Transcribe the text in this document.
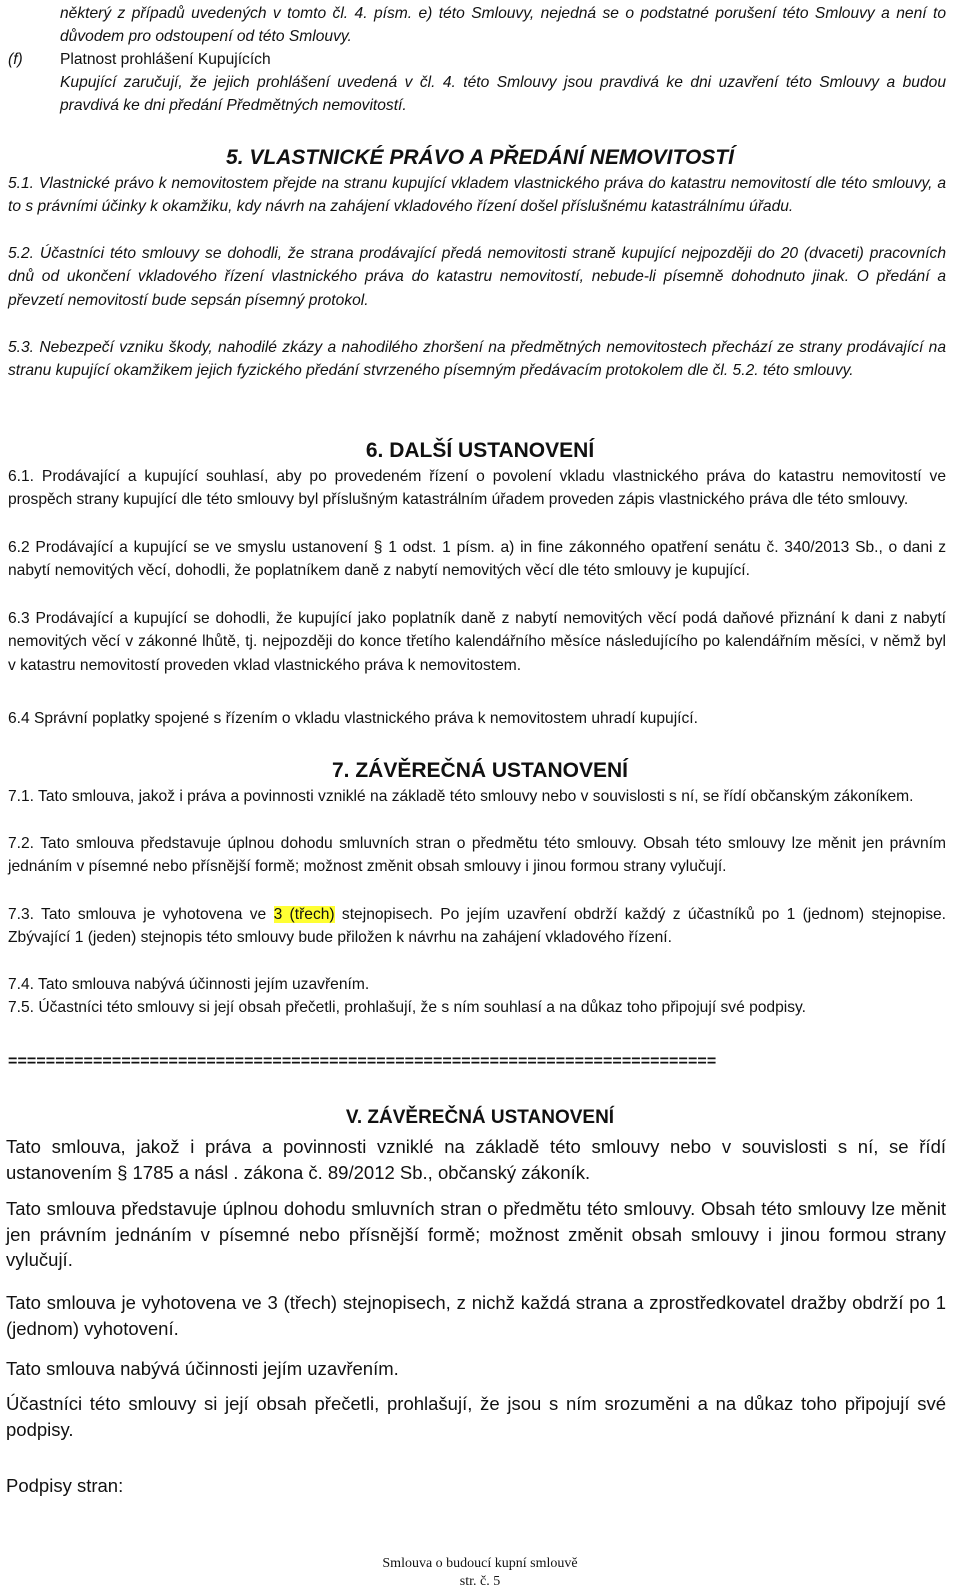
některý z případů uvedených v tomto čl. 4. písm. e) této Smlouvy, nejedná se o podstatné porušení této Smlouvy a není to důvodem pro odstoupení od této Smlouvy.
(f) Platnost prohlášení Kupujících
Kupující zaručují, že jejich prohlášení uvedená v čl. 4. této Smlouvy jsou pravdivá ke dni uzavření této Smlouvy a budou pravdivá ke dni předání Předmětných nemovitostí.
5. VLASTNICKÉ PRÁVO A PŘEDÁNÍ NEMOVITOSTÍ
5.1. Vlastnické právo k nemovitostem přejde na stranu kupující vkladem vlastnického práva do katastru nemovitostí dle této smlouvy, a to s právními účinky k okamžiku, kdy návrh na zahájení vkladového řízení došel příslušnému katastrálnímu úřadu.
5.2. Účastníci této smlouvy se dohodli, že strana prodávající předá nemovitosti straně kupující nejpozději do 20 (dvaceti) pracovních dnů od ukončení vkladového řízení vlastnického práva do katastru nemovitostí, nebude-li písemně dohodnuto jinak. O předání a převzetí nemovitostí bude sepsán písemný protokol.
5.3. Nebezpečí vzniku škody, nahodilé zkázy a nahodilého zhoršení na předmětných nemovitostech přechází ze strany prodávající na stranu kupující okamžikem jejich fyzického předání stvrzeného písemným předávacím protokolem dle čl. 5.2. této smlouvy.
6. DALŠÍ USTANOVENÍ
6.1. Prodávající a kupující souhlasí, aby po provedeném řízení o povolení vkladu vlastnického práva do katastru nemovitostí ve prospěch strany kupující dle této smlouvy byl příslušným katastrálním úřadem proveden zápis vlastnického práva dle této smlouvy.
6.2 Prodávající a kupující se ve smyslu ustanovení § 1 odst. 1 písm. a) in fine zákonného opatření senátu č. 340/2013 Sb., o dani z nabytí nemovitých věcí, dohodli, že poplatníkem daně z nabytí nemovitých věcí dle této smlouvy je kupující.
6.3 Prodávající a kupující se dohodli, že kupující jako poplatník daně z nabytí nemovitých věcí podá daňové přiznání k dani z nabytí nemovitých věcí v zákonné lhůtě, tj. nejpozději do konce třetího kalendářního měsíce následujícího po kalendářním měsíci, v němž byl v katastru nemovitostí proveden vklad vlastnického práva k nemovitostem.
6.4 Správní poplatky spojené s řízením o vkladu vlastnického práva k nemovitostem uhradí kupující.
7. ZÁVĚREČNÁ USTANOVENÍ
7.1. Tato smlouva, jakož i práva a povinnosti vzniklé na základě této smlouvy nebo v souvislosti s ní, se řídí občanským zákoníkem.
7.2. Tato smlouva představuje úplnou dohodu smluvních stran o předmětu této smlouvy. Obsah této smlouvy lze měnit jen právním jednáním v písemné nebo přísnější formě; možnost změnit obsah smlouvy i jinou formou strany vylučují.
7.3. Tato smlouva je vyhotovena ve 3 (třech) stejnopisech. Po jejím uzavření obdrží každý z účastníků po 1 (jednom) stejnopise. Zbývající 1 (jeden) stejnopis této smlouvy bude přiložen k návrhu na zahájení vkladového řízení.
7.4. Tato smlouva nabývá účinnosti jejím uzavřením.
7.5. Účastníci této smlouvy si její obsah přečetli, prohlašují, že s ním souhlasí a na důkaz toho připojují své podpisy.
===========================================================================
V. ZÁVĚREČNÁ USTANOVENÍ
Tato smlouva, jakož i práva a povinnosti vzniklé na základě této smlouvy nebo v souvislosti s ní, se řídí ustanovením § 1785 a násl . zákona č. 89/2012 Sb., občanský zákoník.
Tato smlouva představuje úplnou dohodu smluvních stran o předmětu této smlouvy. Obsah této smlouvy lze měnit jen právním jednáním v písemné nebo přísnější formě; možnost změnit obsah smlouvy i jinou formou strany vylučují.
Tato smlouva je vyhotovena ve 3 (třech) stejnopisech, z nichž každá strana a zprostředkovatel dražby obdrží po 1 (jednom) vyhotovení.
Tato smlouva nabývá účinnosti jejím uzavřením.
Účastníci této smlouvy si její obsah přečetli, prohlašují, že jsou s ním srozuměni a na důkaz toho připojují své podpisy.
Podpisy stran:
Smlouva o budoucí kupní smlouvě
str. č. 5
